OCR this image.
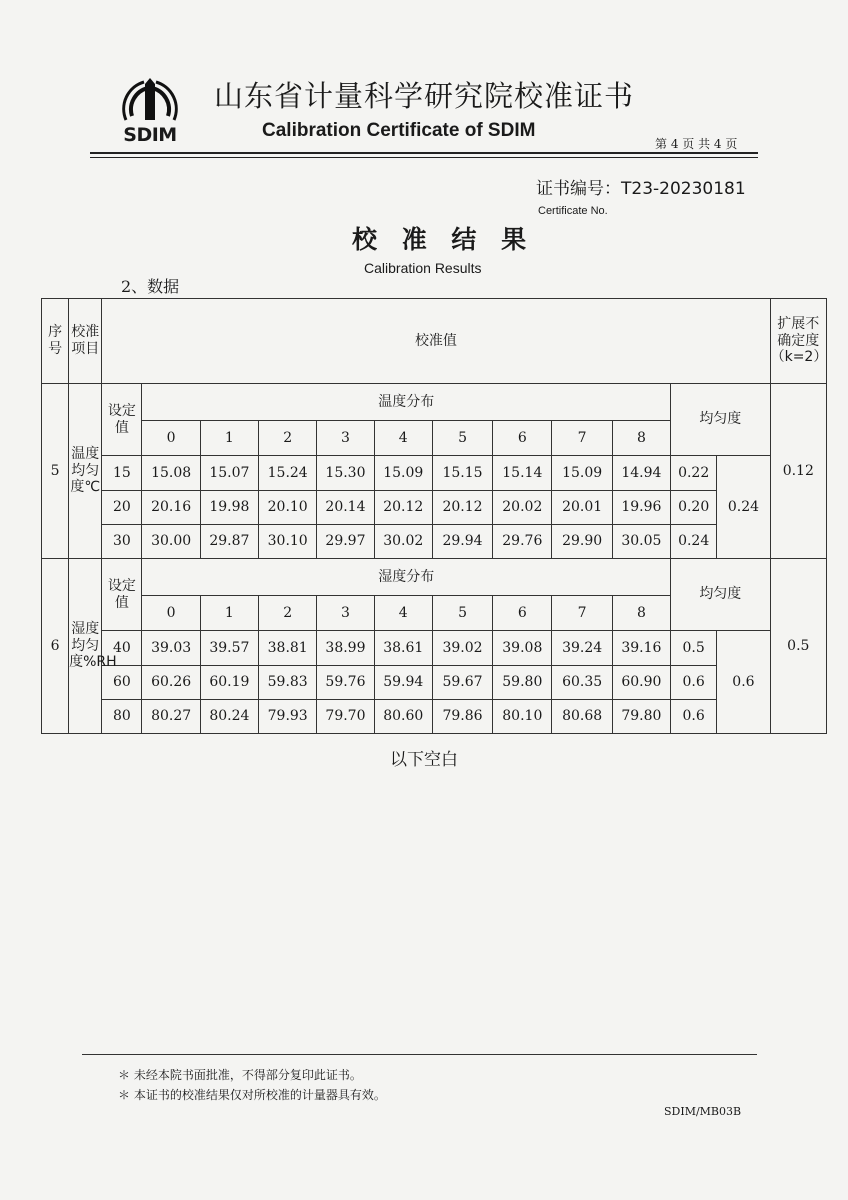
SDIM
山东省计量科学研究院校准证书
Calibration Certificate of SDIM
第 4 页 共 4 页
证书编号：T23-20230181
Certificate No.
校 准 结 果
Calibration Results
2、数据
序号	校准项目	校准值												扩展不确定度（k=2）
5	温度均匀度℃	设定值	温度分布									均匀度		0.12
			0	1	2	3	4	5	6	7	8			
		15	15.08	15.07	15.24	15.30	15.09	15.15	15.14	15.09	14.94	0.22	0.24	
		20	20.16	19.98	20.10	20.14	20.12	20.12	20.02	20.01	19.96	0.20		
		30	30.00	29.87	30.10	29.97	30.02	29.94	29.76	29.90	30.05	0.24		
6	湿度均匀度%RH	设定值	湿度分布									均匀度		0.5
			0	1	2	3	4	5	6	7	8			
		40	39.03	39.57	38.81	38.99	38.61	39.02	39.08	39.24	39.16	0.5	0.6	
		60	60.26	60.19	59.83	59.76	59.94	59.67	59.80	60.35	60.90	0.6		
		80	80.27	80.24	79.93	79.70	80.60	79.86	80.10	80.68	79.80	0.6		
以下空白
＊ 未经本院书面批准，不得部分复印此证书。
＊ 本证书的校准结果仅对所校准的计量器具有效。
SDIM/MB03B
